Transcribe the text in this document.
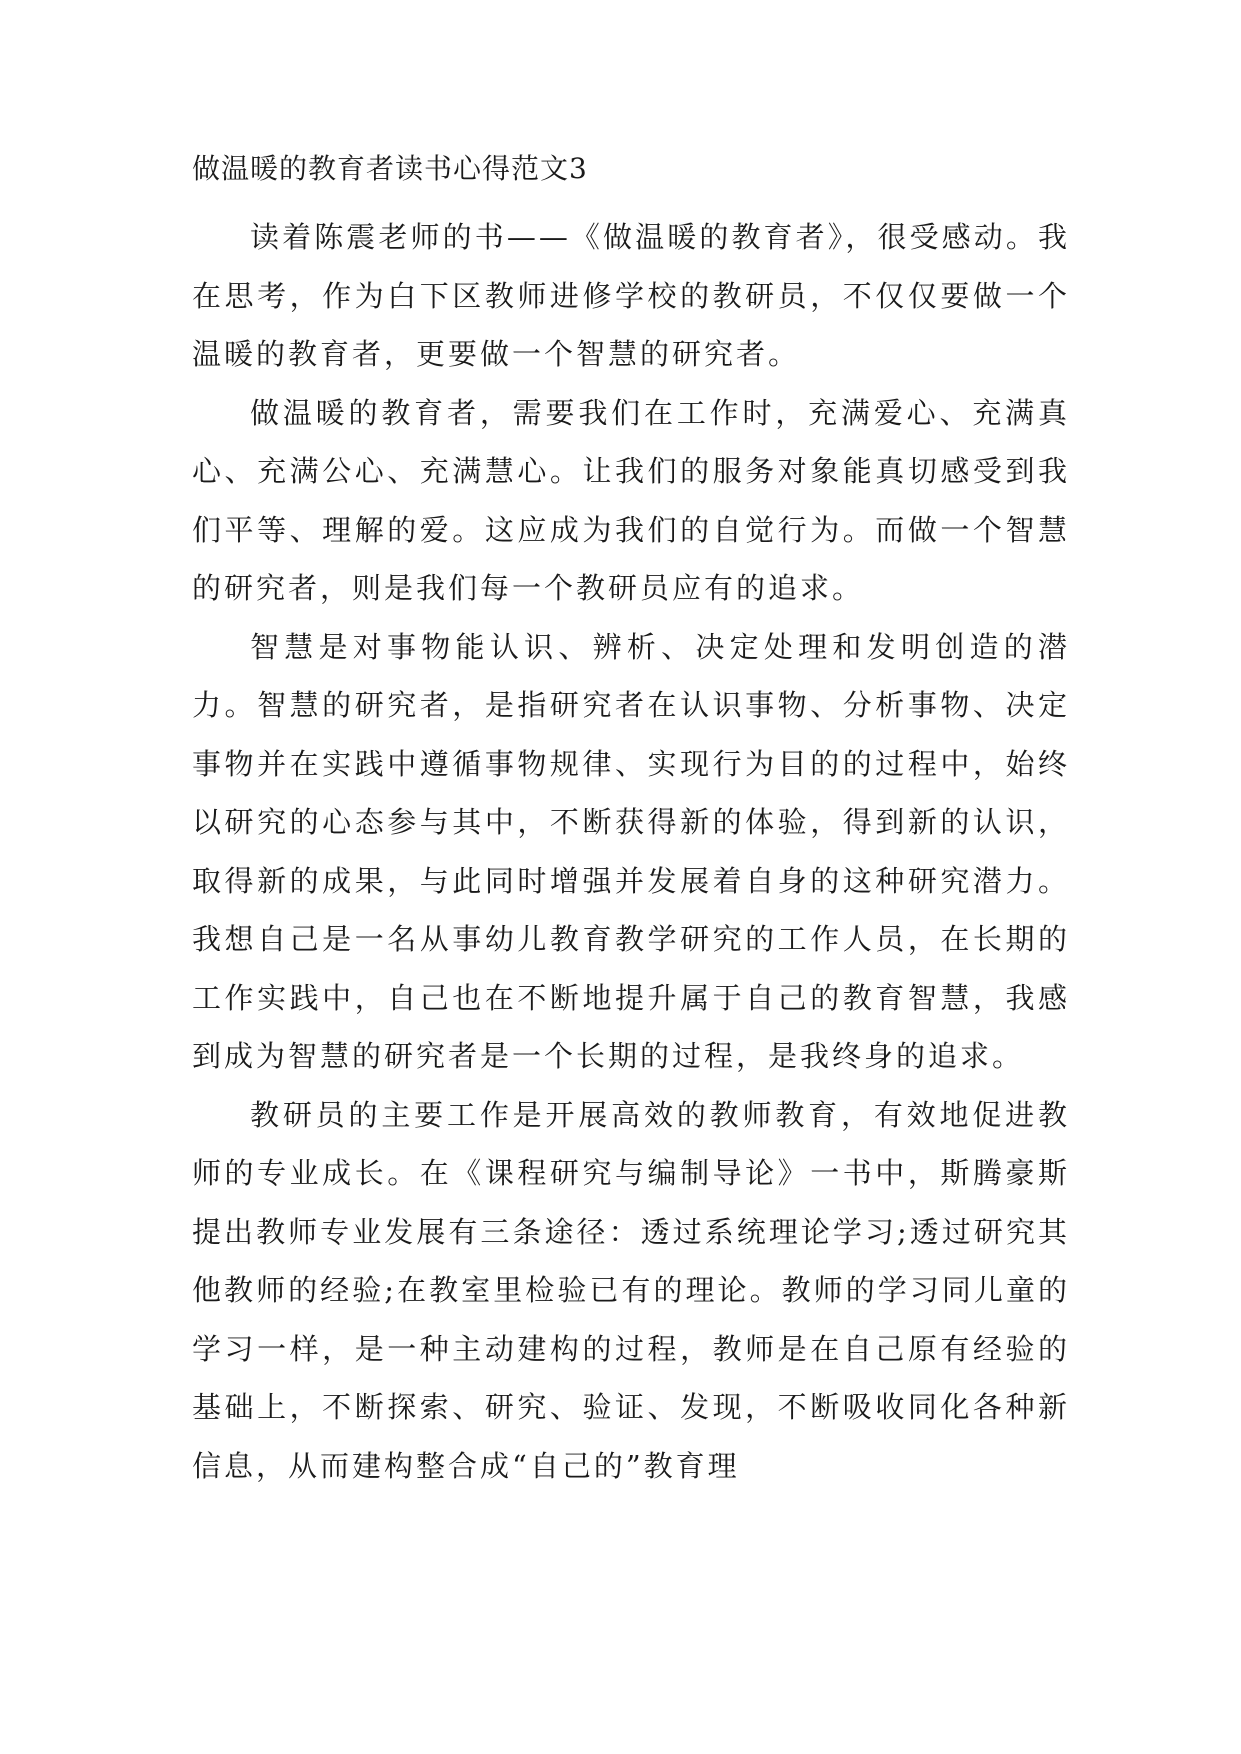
做温暖的教育者读书心得范文3

读着陈震老师的书——《做温暖的教育者》，很受感动。我在思考，作为白下区教师进修学校的教研员，不仅仅要做一个温暖的教育者，更要做一个智慧的研究者。

做温暖的教育者，需要我们在工作时，充满爱心、充满真心、充满公心、充满慧心。让我们的服务对象能真切感受到我们平等、理解的爱。这应成为我们的自觉行为。而做一个智慧的研究者，则是我们每一个教研员应有的追求。

智慧是对事物能认识、辨析、决定处理和发明创造的潜力。智慧的研究者，是指研究者在认识事物、分析事物、决定事物并在实践中遵循事物规律、实现行为目的的过程中，始终以研究的心态参与其中，不断获得新的体验，得到新的认识，取得新的成果，与此同时增强并发展着自身的这种研究潜力。我想自己是一名从事幼儿教育教学研究的工作人员，在长期的工作实践中，自己也在不断地提升属于自己的教育智慧，我感到成为智慧的研究者是一个长期的过程，是我终身的追求。

教研员的主要工作是开展高效的教师教育，有效地促进教师的专业成长。在《课程研究与编制导论》一书中，斯腾豪斯提出教师专业发展有三条途径：透过系统理论学习;透过研究其他教师的经验;在教室里检验已有的理论。教师的学习同儿童的学习一样，是一种主动建构的过程，教师是在自己原有经验的基础上，不断探索、研究、验证、发现，不断吸收同化各种新信息，从而建构整合成“自己的”教育理
